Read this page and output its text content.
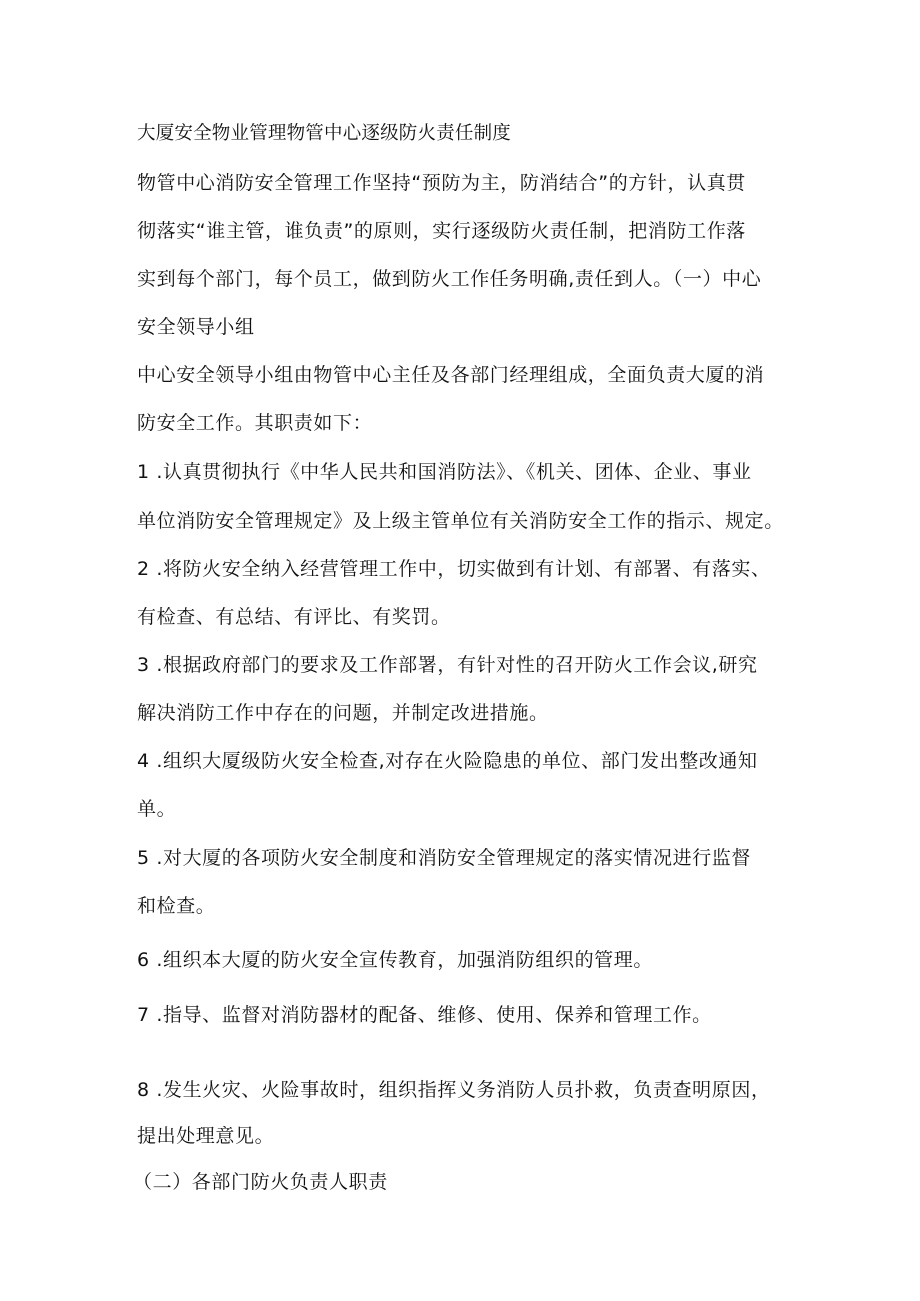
大厦安全物业管理物管中心逐级防火责任制度

物管中心消防安全管理工作坚持“预防为主，防消结合”的方针，认真贯

彻落实“谁主管，谁负责”的原则，实行逐级防火责任制，把消防工作落

实到每个部门，每个员工，做到防火工作任务明确,责任到人。（一）中心

安全领导小组

中心安全领导小组由物管中心主任及各部门经理组成，全面负责大厦的消

防安全工作。其职责如下：

1 .认真贯彻执行《中华人民共和国消防法》、《机关、团体、企业、事业

单位消防安全管理规定》及上级主管单位有关消防安全工作的指示、规定。

2 .将防火安全纳入经营管理工作中，切实做到有计划、有部署、有落实、

有检查、有总结、有评比、有奖罚。

3 .根据政府部门的要求及工作部署，有针对性的召开防火工作会议,研究

解决消防工作中存在的问题，并制定改进措施。

4 .组织大厦级防火安全检查,对存在火险隐患的单位、部门发出整改通知

单。

5 .对大厦的各项防火安全制度和消防安全管理规定的落实情况进行监督

和检查。

6 .组织本大厦的防火安全宣传教育，加强消防组织的管理。

7 .指导、监督对消防器材的配备、维修、使用、保养和管理工作。

8 .发生火灾、火险事故时，组织指挥义务消防人员扑救，负责查明原因，

提出处理意见。

（二）各部门防火负责人职责
